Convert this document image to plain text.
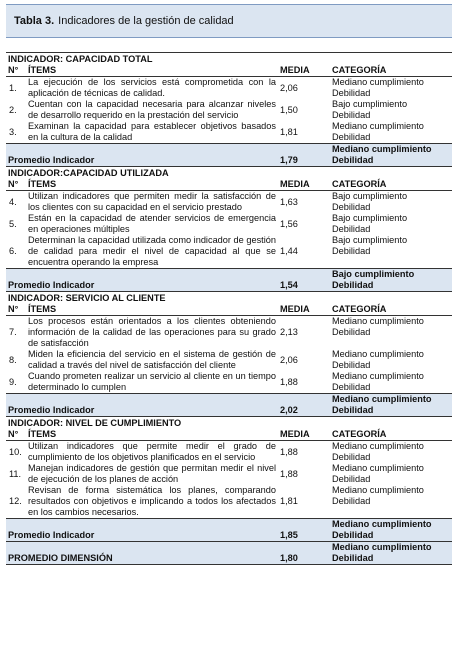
Tabla 3. Indicadores de la gestión de calidad
INDICADOR: CAPACIDAD TOTAL			
N°	ÍTEMS	MEDIA	CATEGORÍA
1.	La ejecución de los servicios está comprometida con la aplicación de técnicas de calidad.	2,06	Mediano cumplimiento
Debilidad

2.	Cuentan con la capacidad necesaria para alcanzar niveles de desarrollo requerido en la prestación del servicio	1,50	Bajo cumplimiento
Debilidad

3.	Examinan la capacidad para establecer objetivos basados en la cultura de la calidad	1,81	Mediano cumplimiento
Debilidad

Promedio Indicador		1,79	Mediano cumplimiento
Debilidad

INDICADOR:CAPACIDAD UTILIZADA			
N°	ÍTEMS	MEDIA	CATEGORÍA
4.	Utilizan indicadores que permiten medir la satisfacción de los clientes con su capacidad en el servicio prestado	1,63	Bajo cumplimiento
Debilidad

5.	Están en la capacidad de atender servicios de emergencia en operaciones múltiples	1,56	Bajo cumplimiento
Debilidad

6.	Determinan la capacidad utilizada como indicador de gestión de calidad para medir el nivel de capacidad al que se encuentra operando la empresa	1,44	Bajo cumplimiento
Debilidad

Promedio Indicador		1,54	Bajo cumplimiento
Debilidad

INDICADOR: SERVICIO AL CLIENTE			
N°	ÍTEMS	MEDIA	CATEGORÍA
7.	Los procesos están orientados a los clientes obteniendo información de la calidad de las operaciones para su grado de satisfacción	2,13	Mediano cumplimiento
Debilidad

8.	Miden la eficiencia del servicio en el sistema de gestión de calidad a través del nivel de satisfacción del cliente	2,06	Mediano cumplimiento
Debilidad

9.	Cuando prometen realizar un servicio al cliente en un tiempo determinado lo cumplen	1,88	Mediano cumplimiento
Debilidad

Promedio Indicador		2,02	Mediano cumplimiento
Debilidad

INDICADOR: NIVEL DE CUMPLIMIENTO			
N°	ÍTEMS	MEDIA	CATEGORÍA
10.	Utilizan indicadores que permite medir el grado de cumplimiento de los objetivos planificados en el servicio	1,88	Mediano cumplimiento
Debilidad

11.	Manejan indicadores de gestión que permitan medir el nivel de ejecución de los planes de acción	1,88	Mediano cumplimiento
Debilidad

12.	Revisan de forma sistemática los planes, comparando resultados con objetivos e implicando a todos los afectados en los cambios necesarios.	1,81	Mediano cumplimiento
Debilidad

Promedio Indicador		1,85	Mediano cumplimiento
Debilidad

PROMEDIO DIMENSIÓN		1,80	Mediano cumplimiento
Debilidad
